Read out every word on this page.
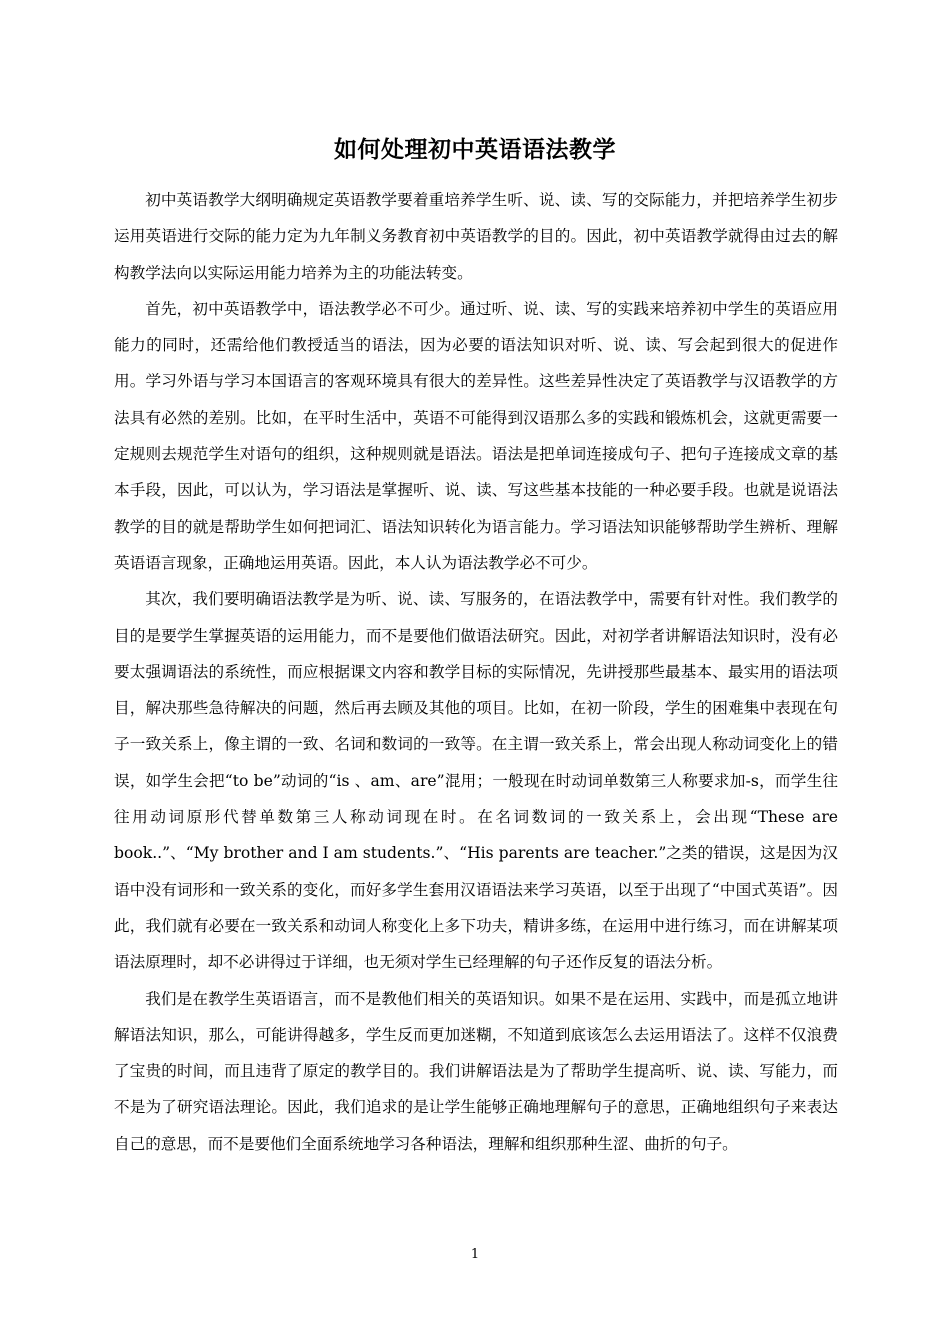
如何处理初中英语语法教学

初中英语教学大纲明确规定英语教学要着重培养学生听、说、读、写的交际能力，并把培养学生初步运用英语进行交际的能力定为九年制义务教育初中英语教学的目的。因此，初中英语教学就得由过去的解构教学法向以实际运用能力培养为主的功能法转变。

首先，初中英语教学中，语法教学必不可少。通过听、说、读、写的实践来培养初中学生的英语应用能力的同时，还需给他们教授适当的语法，因为必要的语法知识对听、说、读、写会起到很大的促进作用。学习外语与学习本国语言的客观环境具有很大的差异性。这些差异性决定了英语教学与汉语教学的方法具有必然的差别。比如，在平时生活中，英语不可能得到汉语那么多的实践和锻炼机会，这就更需要一定规则去规范学生对语句的组织，这种规则就是语法。语法是把单词连接成句子、把句子连接成文章的基本手段，因此，可以认为，学习语法是掌握听、说、读、写这些基本技能的一种必要手段。也就是说语法教学的目的就是帮助学生如何把词汇、语法知识转化为语言能力。学习语法知识能够帮助学生辨析、理解英语语言现象，正确地运用英语。因此，本人认为语法教学必不可少。

其次，我们要明确语法教学是为听、说、读、写服务的，在语法教学中，需要有针对性。我们教学的目的是要学生掌握英语的运用能力，而不是要他们做语法研究。因此，对初学者讲解语法知识时，没有必要太强调语法的系统性，而应根据课文内容和教学目标的实际情况，先讲授那些最基本、最实用的语法项目，解决那些急待解决的问题，然后再去顾及其他的项目。比如，在初一阶段，学生的困难集中表现在句子一致关系上，像主谓的一致、名词和数词的一致等。在主谓一致关系上，常会出现人称动词变化上的错误，如学生会把“to be”动词的“is 、am、are”混用；一般现在时动词单数第三人称要求加-s，而学生往往用动词原形代替单数第三人称动词现在时。在名词数词的一致关系上，会出现“These are book..”、“My brother and I am students.”、“His parents are teacher.”之类的错误，这是因为汉语中没有词形和一致关系的变化，而好多学生套用汉语语法来学习英语，以至于出现了“中国式英语”。因此，我们就有必要在一致关系和动词人称变化上多下功夫，精讲多练，在运用中进行练习，而在讲解某项语法原理时，却不必讲得过于详细，也无须对学生已经理解的句子还作反复的语法分析。

我们是在教学生英语语言，而不是教他们相关的英语知识。如果不是在运用、实践中，而是孤立地讲解语法知识，那么，可能讲得越多，学生反而更加迷糊，不知道到底该怎么去运用语法了。这样不仅浪费了宝贵的时间，而且违背了原定的教学目的。我们讲解语法是为了帮助学生提高听、说、读、写能力，而不是为了研究语法理论。因此，我们追求的是让学生能够正确地理解句子的意思，正确地组织句子来表达自己的意思，而不是要他们全面系统地学习各种语法，理解和组织那种生涩、曲折的句子。

1
